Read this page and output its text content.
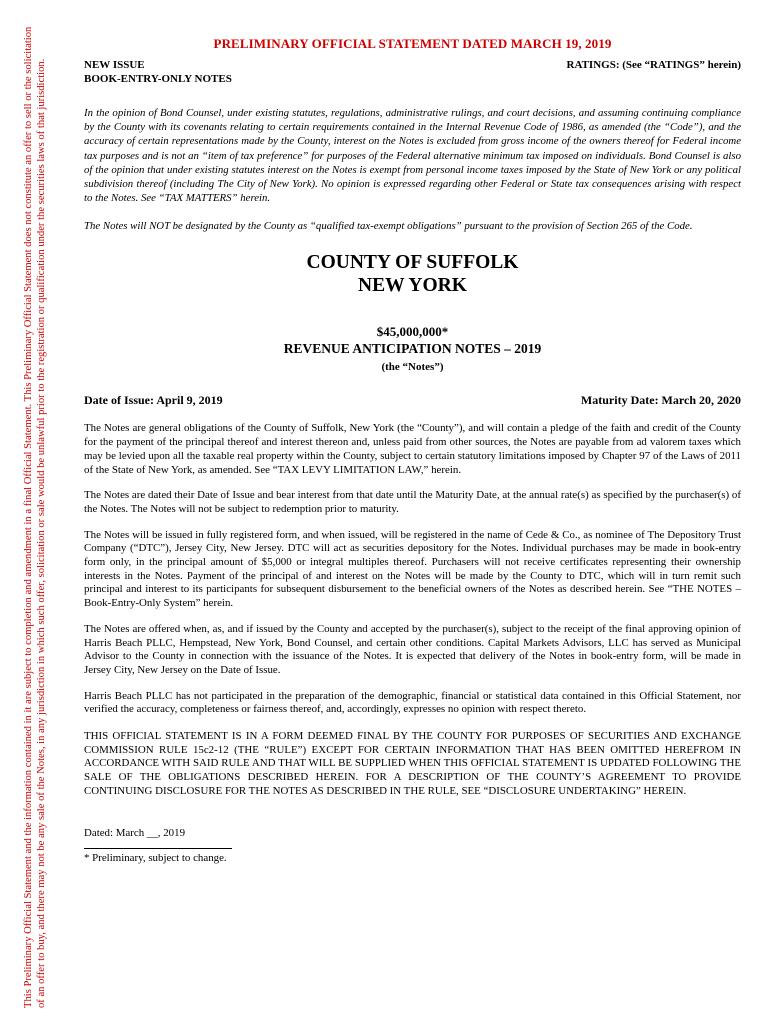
This Preliminary Official Statement and the information contained in it are subject to completion and amendment in a final Official Statement. This Preliminary Official Statement does not constitute an offer to sell or the solicitation of an offer to buy, and there may not be any sale of the Notes, in any jurisdiction in which such offer, solicitation or sale would be unlawful prior to the registration or qualification under the securities laws of that jurisdiction.
PRELIMINARY OFFICIAL STATEMENT DATED MARCH 19, 2019
NEW ISSUE
BOOK-ENTRY-ONLY NOTES
RATINGS: (See “RATINGS” herein)
In the opinion of Bond Counsel, under existing statutes, regulations, administrative rulings, and court decisions, and assuming continuing compliance by the County with its covenants relating to certain requirements contained in the Internal Revenue Code of 1986, as amended (the “Code”), and the accuracy of certain representations made by the County, interest on the Notes is excluded from gross income of the owners thereof for Federal income tax purposes and is not an “item of tax preference” for purposes of the Federal alternative minimum tax imposed on individuals. Bond Counsel is also of the opinion that under existing statutes interest on the Notes is exempt from personal income taxes imposed by the State of New York or any political subdivision thereof (including The City of New York). No opinion is expressed regarding other Federal or State tax consequences arising with respect to the Notes. See “TAX MATTERS” herein.
The Notes will NOT be designated by the County as “qualified tax-exempt obligations” pursuant to the provision of Section 265 of the Code.
COUNTY OF SUFFOLK
NEW YORK
$45,000,000*
REVENUE ANTICIPATION NOTES – 2019
(the “Notes”)
Date of Issue: April 9, 2019	Maturity Date: March 20, 2020
The Notes are general obligations of the County of Suffolk, New York (the “County”), and will contain a pledge of the faith and credit of the County for the payment of the principal thereof and interest thereon and, unless paid from other sources, the Notes are payable from ad valorem taxes which may be levied upon all the taxable real property within the County, subject to certain statutory limitations imposed by Chapter 97 of the Laws of 2011 of the State of New York, as amended. See “TAX LEVY LIMITATION LAW,” herein.
The Notes are dated their Date of Issue and bear interest from that date until the Maturity Date, at the annual rate(s) as specified by the purchaser(s) of the Notes. The Notes will not be subject to redemption prior to maturity.
The Notes will be issued in fully registered form, and when issued, will be registered in the name of Cede & Co., as nominee of The Depository Trust Company (“DTC”), Jersey City, New Jersey. DTC will act as securities depository for the Notes. Individual purchases may be made in book-entry form only, in the principal amount of $5,000 or integral multiples thereof. Purchasers will not receive certificates representing their ownership interests in the Notes. Payment of the principal of and interest on the Notes will be made by the County to DTC, which will in turn remit such principal and interest to its participants for subsequent disbursement to the beneficial owners of the Notes as described herein. See “THE NOTES – Book-Entry-Only System” herein.
The Notes are offered when, as, and if issued by the County and accepted by the purchaser(s), subject to the receipt of the final approving opinion of Harris Beach PLLC, Hempstead, New York, Bond Counsel, and certain other conditions. Capital Markets Advisors, LLC has served as Municipal Advisor to the County in connection with the issuance of the Notes. It is expected that delivery of the Notes in book-entry form, will be made in Jersey City, New Jersey on the Date of Issue.
Harris Beach PLLC has not participated in the preparation of the demographic, financial or statistical data contained in this Official Statement, nor verified the accuracy, completeness or fairness thereof, and, accordingly, expresses no opinion with respect thereto.
THIS OFFICIAL STATEMENT IS IN A FORM DEEMED FINAL BY THE COUNTY FOR PURPOSES OF SECURITIES AND EXCHANGE COMMISSION RULE 15c2-12 (THE “RULE”) EXCEPT FOR CERTAIN INFORMATION THAT HAS BEEN OMITTED HEREFROM IN ACCORDANCE WITH SAID RULE AND THAT WILL BE SUPPLIED WHEN THIS OFFICIAL STATEMENT IS UPDATED FOLLOWING THE SALE OF THE OBLIGATIONS DESCRIBED HEREIN. FOR A DESCRIPTION OF THE COUNTY’S AGREEMENT TO PROVIDE CONTINUING DISCLOSURE FOR THE NOTES AS DESCRIBED IN THE RULE, SEE “DISCLOSURE UNDERTAKING” HEREIN.
Dated: March __, 2019
* Preliminary, subject to change.
